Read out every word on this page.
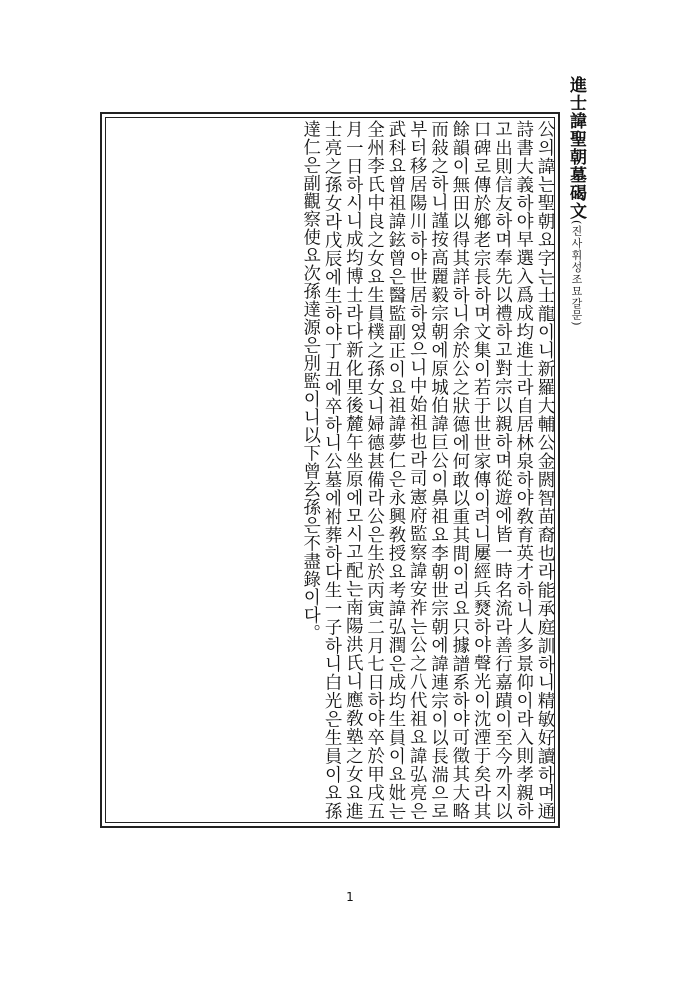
進士諱聖朝墓碣文(진사휘성조묘갈문)

公의諱는聖朝요字는士龍이니新羅大輔公金閼智苗裔也라能承庭訓하니精敏好讀하며通詩書大義하야早選入爲成均進士라自居林泉하야敎育英才하니人多景仰이라入則孝親하고出則信友하며奉先以禮하고對宗以親하며從遊에皆一時名流라善行嘉蹟이至今까지以口碑로傳於鄕老宗長하며文集이若于世世家傳이려니屢經兵燹하야聲光이沈湮于矣라其餘韻이無田以得其詳하니余於公之狀德에何敢以重其間이리요只據譜系하야可徵其大略而敍之하니謹按高麗毅宗朝에原城伯諱巨公이鼻祖요李朝世宗朝에諱連宗이以長湍으로부터移居陽川하야世居하였으니中始祖也라司憲府監察諱安祚는公之八代祖요諱弘亮은武科요曾祖諱鉉曾은醫監副正이요祖諱夢仁은永興敎授요考諱弘潤은成均生員이요妣는全州李氏中良之女요生員樸之孫女니婦德甚備라公은生於丙寅二月七日하야卒於甲戌五月一日하시니成均博士라다新化里後麓午坐原에모시고配는南陽洪氏니應敎塾之女요進士亮之孫女라戊辰에生하야丁丑에卒하니公墓에祔葬하다生一子하니白光은生員이요孫達仁은副觀察使요次孫達源은別監이니以下曾玄孫은不盡錄이다。

1
